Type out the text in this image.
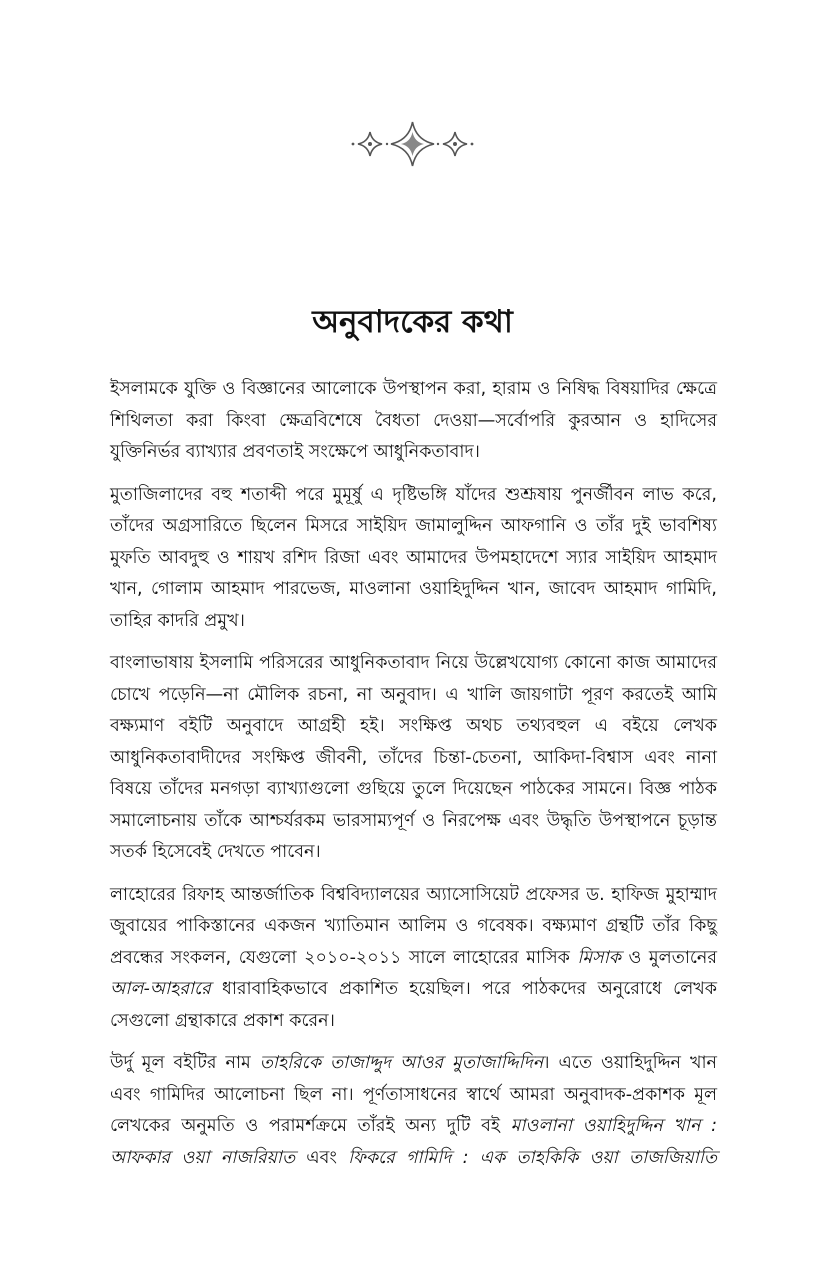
অনুবাদকের কথা

ইসলামকে যুক্তি ও বিজ্ঞানের আলোকে উপস্থাপন করা, হারাম ও নিষিদ্ধ বিষয়াদির ক্ষেত্রে শিথিলতা করা কিংবা ক্ষেত্রবিশেষে বৈধতা দেওয়া—সর্বোপরি কুরআন ও হাদিসের যুক্তিনির্ভর ব্যাখ্যার প্রবণতাই সংক্ষেপে আধুনিকতাবাদ।

মুতাজিলাদের বহু শতাব্দী পরে মুমূর্ষু এ দৃষ্টিভঙ্গি যাঁদের শুশ্রূষায় পুনর্জীবন লাভ করে, তাঁদের অগ্রসারিতে ছিলেন মিসরে সাইয়িদ জামালুদ্দিন আফগানি ও তাঁর দুই ভাবশিষ্য মুফতি আবদুহু ও শায়খ রশিদ রিজা এবং আমাদের উপমহাদেশে স্যার সাইয়িদ আহমাদ খান, গোলাম আহমাদ পারভেজ, মাওলানা ওয়াহিদুদ্দিন খান, জাবেদ আহমাদ গামিদি, তাহির কাদরি প্রমুখ।

বাংলাভাষায় ইসলামি পরিসরের আধুনিকতাবাদ নিয়ে উল্লেখযোগ্য কোনো কাজ আমাদের চোখে পড়েনি—না মৌলিক রচনা, না অনুবাদ। এ খালি জায়গাটা পূরণ করতেই আমি বক্ষ্যমাণ বইটি অনুবাদে আগ্রহী হই। সংক্ষিপ্ত অথচ তথ্যবহুল এ বইয়ে লেখক আধুনিকতাবাদীদের সংক্ষিপ্ত জীবনী, তাঁদের চিন্তা-চেতনা, আকিদা-বিশ্বাস এবং নানা বিষয়ে তাঁদের মনগড়া ব্যাখ্যাগুলো গুছিয়ে তুলে দিয়েছেন পাঠকের সামনে। বিজ্ঞ পাঠক সমালোচনায় তাঁকে আশ্চর্যরকম ভারসাম্যপূর্ণ ও নিরপেক্ষ এবং উদ্ধৃতি উপস্থাপনে চূড়ান্ত সতর্ক হিসেবেই দেখতে পাবেন।

লাহোরের রিফাহ আন্তর্জাতিক বিশ্ববিদ্যালয়ের অ্যাসোসিয়েট প্রফেসর ড. হাফিজ মুহাম্মাদ জুবায়ের পাকিস্তানের একজন খ্যাতিমান আলিম ও গবেষক। বক্ষ্যমাণ গ্রন্থটি তাঁর কিছু প্রবন্ধের সংকলন, যেগুলো ২০১০-২০১১ সালে লাহোরের মাসিক মিসাক ও মুলতানের আল-আহরারে ধারাবাহিকভাবে প্রকাশিত হয়েছিল। পরে পাঠকদের অনুরোধে লেখক সেগুলো গ্রন্থাকারে প্রকাশ করেন।

উর্দু মূল বইটির নাম তাহরিকে তাজাদ্দুদ আওর মুতাজাদ্দিদিন। এতে ওয়াহিদুদ্দিন খান এবং গামিদির আলোচনা ছিল না। পূর্ণতাসাধনের স্বার্থে আমরা অনুবাদক-প্রকাশক মূল লেখকের অনুমতি ও পরামর্শক্রমে তাঁরই অন্য দুটি বই মাওলানা ওয়াহিদুদ্দিন খান : আফকার ওয়া নাজরিয়াত এবং ফিকরে গামিদি : এক তাহকিকি ওয়া তাজজিয়াতি
